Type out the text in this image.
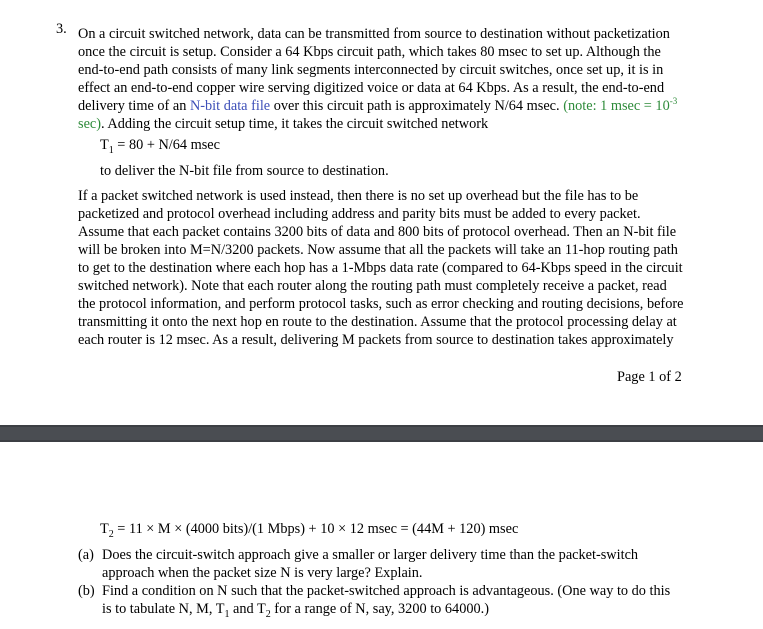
3. On a circuit switched network, data can be transmitted from source to destination without packetization
once the circuit is setup. Consider a 64 Kbps circuit path, which takes 80 msec to set up. Although the
end-to-end path consists of many link segments interconnected by circuit switches, once set up, it is in
effect an end-to-end copper wire serving digitized voice or data at 64 Kbps. As a result, the end-to-end
delivery time of an N-bit data file over this circuit path is approximately N/64 msec. (note: 1 $msec = 10^{-3}$
sec). Adding the circuit setup time, it takes the circuit switched network
$T_1 = 80 + N/64$ msec
to deliver the N-bit file from source to destination.
If a packet switched network is used instead, then there is no set up overhead but the file has to be
packetized and protocol overhead including address and parity bits must be added to every packet.
Assume that each packet contains 3200 bits of data and 800 bits of protocol overhead. Then an N-bit file
will be broken into M=N/3200 packets. Now assume that all the packets will take an 11-hop routing path
to get to the destination where each hop has a 1-Mbps data rate (compared to 64-Kbps speed in the circuit
switched network). Note that each router along the routing path must completely receive a packet, read
the protocol information, and perform protocol tasks, such as error checking and routing decisions, before
transmitting it onto the next hop en route to the destination. Assume that the protocol processing delay at
each router is 12 msec. As a result, delivering M packets from source to destination takes approximately
Page 1 of 2
$T_2 = 11 \times M \times (4000$ bits)/(1 Mbps) + 10 × 12 msec = (44M + 120) msec
(a) Does the circuit-switch approach give a smaller or larger delivery time than the packet-switch
approach when the packet size N is very large? Explain.
(b) Find a condition on N such that the packet-switched approach is advantageous. (One way to do this
is to tabulate N, M, $T_1$ and $T_2$ for a range of N, say, 3200 to 64000.)
